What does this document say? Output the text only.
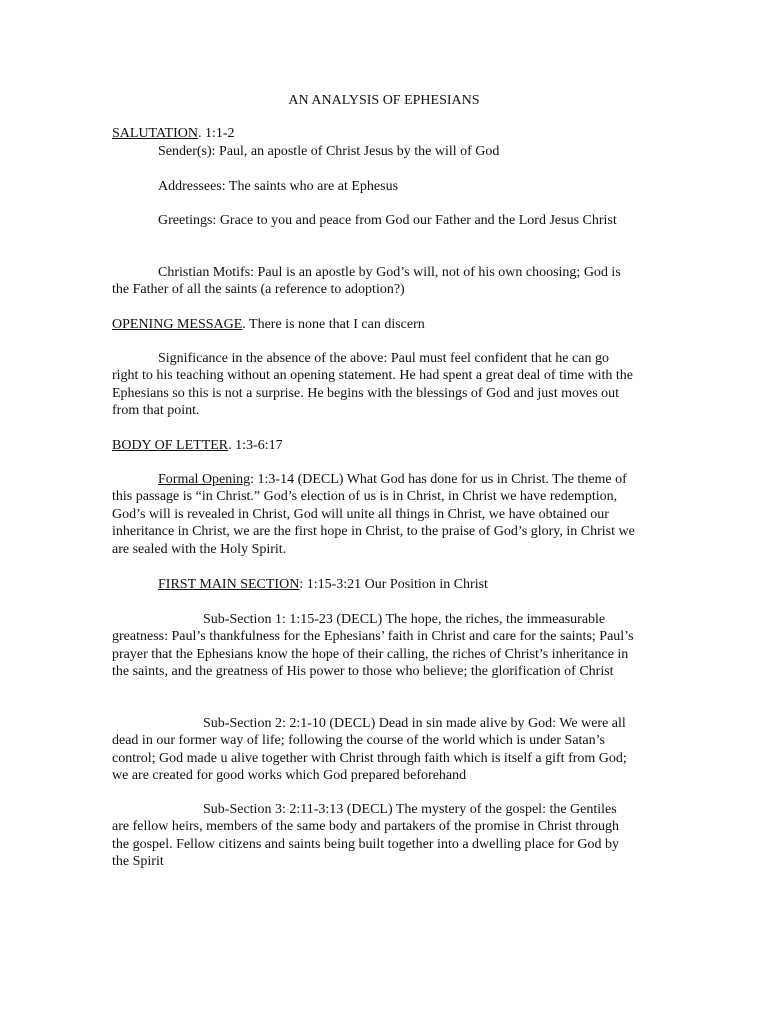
AN ANALYSIS OF EPHESIANS

SALUTATION. 1:1-2

Sender(s): Paul, an apostle of Christ Jesus by the will of God

Addressees: The saints who are at Ephesus

Greetings: Grace to you and peace from God our Father and the Lord Jesus Christ

Christian Motifs: Paul is an apostle by God’s will, not of his own choosing; God is the Father of all the saints (a reference to adoption?)

OPENING MESSAGE. There is none that I can discern

Significance in the absence of the above: Paul must feel confident that he can go right to his teaching without an opening statement. He had spent a great deal of time with the Ephesians so this is not a surprise. He begins with the blessings of God and just moves out from that point.

BODY OF LETTER. 1:3-6:17

Formal Opening: 1:3-14 (DECL) What God has done for us in Christ. The theme of this passage is “in Christ.” God’s election of us is in Christ, in Christ we have redemption, God’s will is revealed in Christ, God will unite all things in Christ, we have obtained our inheritance in Christ, we are the first hope in Christ, to the praise of God’s glory, in Christ we are sealed with the Holy Spirit.

FIRST MAIN SECTION: 1:15-3:21 Our Position in Christ

Sub-Section 1: 1:15-23 (DECL) The hope, the riches, the immeasurable greatness: Paul’s thankfulness for the Ephesians’ faith in Christ and care for the saints; Paul’s prayer that the Ephesians know the hope of their calling, the riches of Christ’s inheritance in the saints, and the greatness of His power to those who believe; the glorification of Christ

Sub-Section 2: 2:1-10 (DECL) Dead in sin made alive by God: We were all dead in our former way of life; following the course of the world which is under Satan’s control; God made u alive together with Christ through faith which is itself a gift from God; we are created for good works which God prepared beforehand

Sub-Section 3: 2:11-3:13 (DECL) The mystery of the gospel: the Gentiles are fellow heirs, members of the same body and partakers of the promise in Christ through the gospel. Fellow citizens and saints being built together into a dwelling place for God by the Spirit
